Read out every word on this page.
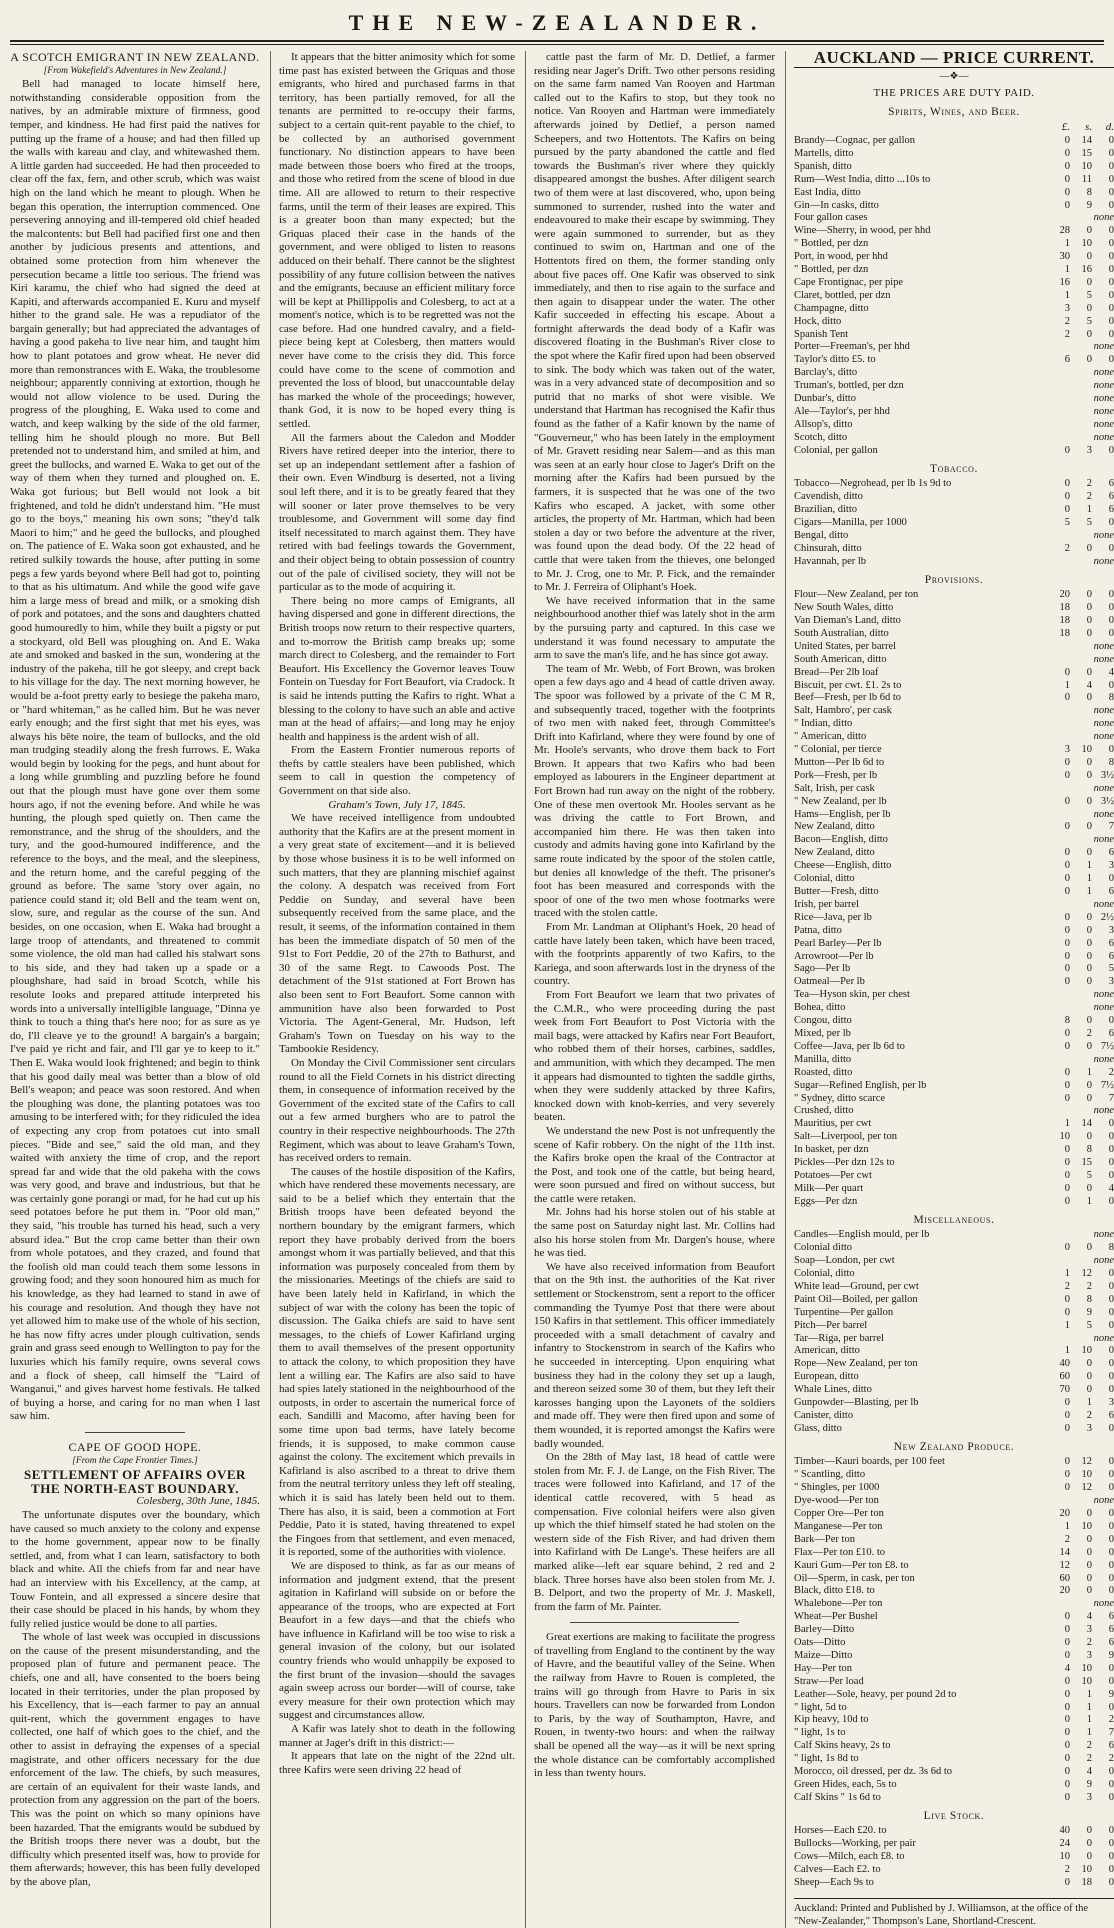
THE NEW-ZEALANDER.

A SCOTCH EMIGRANT IN NEW ZEALAND.

[From Wakefield's Adventures in New Zealand.]

Bell had managed to locate himself here, notwithstanding considerable opposition from the natives, by an admirable mixture of firmness, good temper, and kindness. He had first paid the natives for putting up the frame of a house; and had then filled up the walls with kareau and clay, and whitewashed them. A little garden had succeeded. He had then proceeded to clear off the fax, fern, and other scrub, which was waist high on the land which he meant to plough. When he began this operation, the interruption commenced. One persevering annoying and ill-tempered old chief headed the malcontents: but Bell had pacified first one and then another by judicious presents and attentions, and obtained some protection from him whenever the persecution became a little too serious. The friend was Kiri karamu, the chief who had signed the deed at Kapiti, and afterwards accompanied E. Kuru and myself hither to the grand sale. He was a repudiator of the bargain generally; but had appreciated the advantages of having a good pakeha to live near him, and taught him how to plant potatoes and grow wheat. He never did more than remonstrances with E. Waka, the troublesome neighbour; apparently conniving at extortion, though he would not allow violence to be used. During the progress of the ploughing, E. Waka used to come and watch, and keep walking by the side of the old farmer, telling him he should plough no more. But Bell pretended not to understand him, and smiled at him, and greet the bullocks, and warned E. Waka to get out of the way of them when they turned and ploughed on. E. Waka got furious; but Bell would not look a bit frightened, and told he didn't understand him. "He must go to the boys," meaning his own sons; "they'd talk Maori to him;" and he geed the bullocks, and ploughed on. The patience of E. Waka soon got exhausted, and he retired sulkily towards the house, after putting in some pegs a few yards beyond where Bell had got to, pointing to that as his ultimatum. And while the good wife gave him a large mess of bread and milk, or a smoking dish of pork and potatoes, and the sons and daughters chatted good humouredly to him, while they built a pigsty or put a stockyard, old Bell was ploughing on. And E. Waka ate and smoked and basked in the sun, wondering at the industry of the pakeha, till he got sleepy, and crept back to his village for the day. The next morning however, he would be a-foot pretty early to besiege the pakeha maro, or "hard whiteman," as he called him. But he was never early enough; and the first sight that met his eyes, was always his bête noire, the team of bullocks, and the old man trudging steadily along the fresh furrows. E. Waka would begin by looking for the pegs, and hunt about for a long while grumbling and puzzling before he found out that the plough must have gone over them some hours ago, if not the evening before. And while he was hunting, the plough sped quietly on. Then came the remonstrance, and the shrug of the shoulders, and the tury, and the good-humoured indifference, and the reference to the boys, and the meal, and the sleepiness, and the return home, and the careful pegging of the ground as before. The same 'story over again, no patience could stand it; old Bell and the team went on, slow, sure, and regular as the course of the sun. And besides, on one occasion, when E. Waka had brought a large troop of attendants, and threatened to commit some violence, the old man had called his stalwart sons to his side, and they had taken up a spade or a ploughshare, had said in broad Scotch, while his resolute looks and prepared attitude interpreted his words into a universally intelligible language, "Dinna ye think to touch a thing that's here noo; for as sure as ye do, I'll cleave ye to the ground! A bargain's a bargain; I've paid ye richt and fair, and I'll gar ye to keep to it." Then E. Waka would look frightened; and begin to think that his good daily meal was better than a blow of old Bell's weapon; and peace was soon restored. And when the ploughing was done, the planting potatoes was too amusing to be interfered with; for they ridiculed the idea of expecting any crop from potatoes cut into small pieces. "Bide and see," said the old man, and they waited with anxiety the time of crop, and the report spread far and wide that the old pakeha with the cows was very good, and brave and industrious, but that he was certainly gone porangi or mad, for he had cut up his seed potatoes before he put them in. "Poor old man," they said, "his trouble has turned his head, such a very absurd idea." But the crop came better than their own from whole potatoes, and they crazed, and found that the foolish old man could teach them some lessons in growing food; and they soon honoured him as much for his knowledge, as they had learned to stand in awe of his courage and resolution. And though they have not yet allowed him to make use of the whole of his section, he has now fifty acres under plough cultivation, sends grain and grass seed enough to Wellington to pay for the luxuries which his family require, owns several cows and a flock of sheep, call himself the "Laird of Wanganui," and gives harvest home festivals. He talked of buying a horse, and caring for no man when I last saw him.

CAPE OF GOOD HOPE.

[From the Cape Frontier Times.]

SETTLEMENT OF AFFAIRS OVER THE NORTH-EAST BOUNDARY.

Colesberg, 30th June, 1845.

The unfortunate disputes over the boundary, which have caused so much anxiety to the colony and expense to the home government, appear now to be finally settled, and, from what I can learn, satisfactory to both black and white. All the chiefs from far and near have had an interview with his Excellency, at the camp, at Touw Fontein, and all expressed a sincere desire that their case should be placed in his hands, by whom they fully relied justice would be done to all parties.

The whole of last week was occupied in discussions on the cause of the present misunderstanding, and the proposed plan of future and permanent peace. The chiefs, one and all, have consented to the boers being located in their territories, under the plan proposed by his Excellency, that is—each farmer to pay an annual quit-rent, which the government engages to have collected, one half of which goes to the chief, and the other to assist in defraying the expenses of a special magistrate, and other officers necessary for the due enforcement of the law. The chiefs, by such measures, are certain of an equivalent for their waste lands, and protection from any aggression on the part of the boers. This was the point on which so many opinions have been hazarded. That the emigrants would be subdued by the British troops there never was a doubt, but the difficulty which presented itself was, how to provide for them afterwards; however, this has been fully developed by the above plan,

It appears that the bitter animosity which for some time past has existed between the Griquas and those emigrants, who hired and purchased farms in that territory, has been partially removed, for all the tenants are permitted to re-occupy their farms, subject to a certain quit-rent payable to the chief, to be collected by an authorised government functionary. No distinction appears to have been made between those boers who fired at the troops, and those who retired from the scene of blood in due time. All are allowed to return to their respective farms, until the term of their leases are expired. This is a greater boon than many expected; but the Griquas placed their case in the hands of the government, and were obliged to listen to reasons adduced on their behalf. There cannot be the slightest possibility of any future collision between the natives and the emigrants, because an efficient military force will be kept at Phillippolis and Colesberg, to act at a moment's notice, which is to be regretted was not the case before. Had one hundred cavalry, and a field-piece being kept at Colesberg, then matters would never have come to the crisis they did. This force could have come to the scene of commotion and prevented the loss of blood, but unaccountable delay has marked the whole of the proceedings; however, thank God, it is now to be hoped every thing is settled.

All the farmers about the Caledon and Modder Rivers have retired deeper into the interior, there to set up an independant settlement after a fashion of their own. Even Windburg is deserted, not a living soul left there, and it is to be greatly feared that they will sooner or later prove themselves to be very troublesome, and Government will some day find itself necessitated to march against them. They have retired with bad feelings towards the Government, and their object being to obtain possession of country out of the pale of civilised society, they will not be particular as to the mode of acquiring it.

There being no more camps of Emigrants, all having dispersed and gone in different directions, the British troops now return to their respective quarters, and to-morrow the British camp breaks up; some march direct to Colesberg, and the remainder to Fort Beaufort. His Excellency the Governor leaves Touw Fontein on Tuesday for Fort Beaufort, via Cradock. It is said he intends putting the Kafirs to right. What a blessing to the colony to have such an able and active man at the head of affairs;—and long may he enjoy health and happiness is the ardent wish of all.

From the Eastern Frontier numerous reports of thefts by cattle stealers have been published, which seem to call in question the competency of Government on that side also.

Graham's Town, July 17, 1845.

We have received intelligence from undoubted authority that the Kafirs are at the present moment in a very great state of excitement—and it is believed by those whose business it is to be well informed on such matters, that they are planning mischief against the colony. A despatch was received from Fort Peddie on Sunday, and several have been subsequently received from the same place, and the result, it seems, of the information contained in them has been the immediate dispatch of 50 men of the 91st to Fort Peddie, 20 of the 27th to Bathurst, and 30 of the same Regt. to Cawoods Post. The detachment of the 91st stationed at Fort Brown has also been sent to Fort Beaufort. Some cannon with ammunition have also been forwarded to Post Victoria. The Agent-General, Mr. Hudson, left Graham's Town on Tuesday on his way to the Tambookie Residency.

On Monday the Civil Commissioner sent circulars round to all the Field Cornets in his district directing them, in consequence of information received by the Government of the excited state of the Cafirs to call out a few armed burghers who are to patrol the country in their respective neighbourhoods. The 27th Regiment, which was about to leave Graham's Town, has received orders to remain.

The causes of the hostile disposition of the Kafirs, which have rendered these movements necessary, are said to be a belief which they entertain that the British troops have been defeated beyond the northern boundary by the emigrant farmers, which report they have probably derived from the boers amongst whom it was partially believed, and that this information was purposely concealed from them by the missionaries. Meetings of the chiefs are said to have been lately held in Kafirland, in which the subject of war with the colony has been the topic of discussion. The Gaika chiefs are said to have sent messages, to the chiefs of Lower Kafirland urging them to avail themselves of the present opportunity to attack the colony, to which proposition they have lent a willing ear. The Kafirs are also said to have had spies lately stationed in the neighbourhood of the outposts, in order to ascertain the numerical force of each. Sandilli and Macomo, after having been for some time upon bad terms, have lately become friends, it is supposed, to make common cause against the colony. The excitement which prevails in Kafirland is also ascribed to a threat to drive them from the neutral territory unless they left off stealing, which it is said has lately been held out to them. There has also, it is said, been a commotion at Fort Peddie, Pato it is stated, having threatened to expel the Fingoes from that settlement, and even menaced, it is reported, some of the authorities with violence.

We are disposed to think, as far as our means of information and judgment extend, that the present agitation in Kafirland will subside on or before the appearance of the troops, who are expected at Fort Beaufort in a few days—and that the chiefs who have influence in Kafirland will be too wise to risk a general invasion of the colony, but our isolated country friends who would unhappily be exposed to the first brunt of the invasion—should the savages again sweep across our border—will of course, take every measure for their own protection which may suggest and circumstances allow.

A Kafir was lately shot to death in the following manner at Jager's drift in this district:—

It appears that late on the night of the 22nd ult. three Kafirs were seen driving 22 head of

cattle past the farm of Mr. D. Detlief, a farmer residing near Jager's Drift. Two other persons residing on the same farm named Van Rooyen and Hartman called out to the Kafirs to stop, but they took no notice. Van Rooyen and Hartman were immediately afterwards joined by Detlief, a person named Scheepers, and two Hottentots. The Kafirs on being pursued by the party abandoned the cattle and fled towards the Bushman's river where they quickly disappeared amongst the bushes. After diligent search two of them were at last discovered, who, upon being summoned to surrender, rushed into the water and endeavoured to make their escape by swimming. They were again summoned to surrender, but as they continued to swim on, Hartman and one of the Hottentots fired on them, the former standing only about five paces off. One Kafir was observed to sink immediately, and then to rise again to the surface and then again to disappear under the water. The other Kafir succeeded in effecting his escape. About a fortnight afterwards the dead body of a Kafir was discovered floating in the Bushman's River close to the spot where the Kafir fired upon had been observed to sink. The body which was taken out of the water, was in a very advanced state of decomposition and so putrid that no marks of shot were visible. We understand that Hartman has recognised the Kafir thus found as the father of a Kafir known by the name of "Gouverneur," who has been lately in the employment of Mr. Gravett residing near Salem—and as this man was seen at an early hour close to Jager's Drift on the morning after the Kafirs had been pursued by the farmers, it is suspected that he was one of the two Kafirs who escaped. A jacket, with some other articles, the property of Mr. Hartman, which had been stolen a day or two before the adventure at the river, was found upon the dead body. Of the 22 head of cattle that were taken from the thieves, one belonged to Mr. J. Crog, one to Mr. P. Fick, and the remainder to Mr. J. Ferreira of Oliphant's Hoek.

We have received information that in the same neighbourhood another thief was lately shot in the arm by the pursuing party and captured. In this case we understand it was found necessary to amputate the arm to save the man's life, and he has since got away.

The team of Mr. Webb, of Fort Brown, was broken open a few days ago and 4 head of cattle driven away. The spoor was followed by a private of the C M R, and subsequently traced, together with the footprints of two men with naked feet, through Committee's Drift into Kafirland, where they were found by one of Mr. Hoole's servants, who drove them back to Fort Brown. It appears that two Kafirs who had been employed as labourers in the Engineer department at Fort Brown had run away on the night of the robbery. One of these men overtook Mr. Hooles servant as he was driving the cattle to Fort Brown, and accompanied him there. He was then taken into custody and admits having gone into Kafirland by the same route indicated by the spoor of the stolen cattle, but denies all knowledge of the theft. The prisoner's foot has been measured and corresponds with the spoor of one of the two men whose footmarks were traced with the stolen cattle.

From Mr. Landman at Oliphant's Hoek, 20 head of cattle have lately been taken, which have been traced, with the footprints apparently of two Kafirs, to the Kariega, and soon afterwards lost in the dryness of the country.

From Fort Beaufort we learn that two privates of the C.M.R., who were proceeding during the past week from Fort Beaufort to Post Victoria with the mail bags, were attacked by Kafirs near Fort Beaufort, who robbed them of their horses, carbines, saddles, and ammunition, with which they decamped. The men it appears had dismounted to tighten the saddle girths, when they were suddenly attacked by three Kafirs, knocked down with knob-kerries, and very severely beaten.

We understand the new Post is not unfrequently the scene of Kafir robbery. On the night of the 11th inst. the Kafirs broke open the kraal of the Contractor at the Post, and took one of the cattle, but being heard, were soon pursued and fired on without success, but the cattle were retaken.

Mr. Johns had his horse stolen out of his stable at the same post on Saturday night last. Mr. Collins had also his horse stolen from Mr. Dargen's house, where he was tied.

We have also received information from Beaufort that on the 9th inst. the authorities of the Kat river settlement or Stockenstrom, sent a report to the officer commanding the Tyumye Post that there were about 150 Kafirs in that settlement. This officer immediately proceeded with a small detachment of cavalry and infantry to Stockenstrom in search of the Kafirs who he succeeded in intercepting. Upon enquiring what business they had in the colony they set up a laugh, and thereon seized some 30 of them, but they left their karosses hanging upon the Layonets of the soldiers and made off. They were then fired upon and some of them wounded, it is reported amongst the Kafirs were badly wounded.

On the 28th of May last, 18 head of cattle were stolen from Mr. F. J. de Lange, on the Fish River. The traces were followed into Kafirland, and 17 of the identical cattle recovered, with 5 head as compensation. Five colonial heifers were also given up which the thief himself stated he had stolen on the western side of the Fish River, and had driven them into Kafirland with De Lange's. These heifers are all marked alike—left ear square behind, 2 red and 2 black. Three horses have also been stolen from Mr. J. B. Delport, and two the property of Mr. J. Maskell, from the farm of Mr. Painter.

Great exertions are making to facilitate the progress of travelling from England to the continent by the way of Havre, and the beautiful valley of the Seine. When the railway from Havre to Rouen is completed, the trains will go through from Havre to Paris in six hours. Travellers can now be forwarded from London to Paris, by the way of Southampton, Havre, and Rouen, in twenty-two hours: and when the railway shall be opened all the way—as it will be next spring the whole distance can be comfortably accomplished in less than twenty hours.

AUCKLAND — PRICE CURRENT.
—❖—
THE PRICES ARE DUTY PAID.
Spirits, Wines, and Beer.
£.	s.	d.
Brandy—Cognac, per gallon	0	14	0
Martells, ditto	0	15	0
Spanish, ditto	0	10	0
Rum—West India, ditto ...10s to	0	11	0
East India, ditto	0	8	0
Gin—In casks, ditto	0	9	0
Four gallon cases	none		
Wine—Sherry, in wood, per hhd	28	0	0
" Bottled, per dzn	1	10	0
Port, in wood, per hhd	30	0	0
" Bottled, per dzn	1	16	0
Cape Frontignac, per pipe	16	0	0
Claret, bottled, per dzn	1	5	0
Champagne, ditto	3	0	0
Hock, ditto	2	5	0
Spanish Tent	2	0	0
Porter—Freeman's, per hhd	none		
Taylor's ditto £5. to	6	0	0
Barclay's, ditto	none		
Truman's, bottled, per dzn	none		
Dunbar's, ditto	none		
Ale—Taylor's, per hhd	none		
Allsop's, ditto	none		
Scotch, ditto	none		
Colonial, per gallon	0	3	0
Tobacco.
Tobacco—Negrohead, per lb 1s 9d to	0	2	6
Cavendish, ditto	0	2	6
Brazilian, ditto	0	1	6
Cigars—Manilla, per 1000	5	5	0
Bengal, ditto	none		
Chinsurah, ditto	2	0	0
Havannah, per lb	none		
Provisions.
Flour—New Zealand, per ton	20	0	0
New South Wales, ditto	18	0	0
Van Dieman's Land, ditto	18	0	0
South Australian, ditto	18	0	0
United States, per barrel	none		
South American, ditto	none		
Bread—Per 2lb loaf	0	0	4
Biscuit, per cwt. £1. 2s to	1	4	0
Beef—Fresh, per lb 6d to	0	0	8
Salt, Hambro', per cask	none		
" Indian, ditto	none		
" American, ditto	none		
" Colonial, per tierce	3	10	0
Mutton—Per lb 6d to	0	0	8
Pork—Fresh, per lb	0	0	3½
Salt, Irish, per cask	none		
" New Zealand, per lb	0	0	3½
Hams—English, per lb	none		
New Zealand, ditto	0	0	7
Bacon—English, ditto	none		
New Zealand, ditto	0	0	6
Cheese—English, ditto	0	1	3
Colonial, ditto	0	1	0
Butter—Fresh, ditto	0	1	6
Irish, per barrel	none		
Rice—Java, per lb	0	0	2½
Patna, ditto	0	0	3
Pearl Barley—Per lb	0	0	6
Arrowroot—Per lb	0	0	6
Sago—Per lb	0	0	5
Oatmeal—Per lb	0	0	3
Tea—Hyson skin, per chest	none		
Bohea, ditto	none		
Congou, ditto	8	0	0
Mixed, per lb	0	2	6
Coffee—Java, per lb 6d to	0	0	7½
Manilla, ditto	none		
Roasted, ditto	0	1	2
Sugar—Refined English, per lb	0	0	7½
" Sydney, ditto scarce	0	0	7
Crushed, ditto	none		
Mauritius, per cwt	1	14	0
Salt—Liverpool, per ton	10	0	0
In basket, per dzn	0	8	0
Pickles—Per dzn 12s to	0	15	0
Potatoes—Per cwt	0	5	0
Milk—Per quart	0	0	4
Eggs—Per dzn	0	1	0
Miscellaneous.
Candles—English mould, per lb	none		
Colonial ditto	0	0	8
Soap—London, per cwt	none		
Colonial, ditto	1	12	0
White lead—Ground, per cwt	2	2	0
Paint Oil—Boiled, per gallon	0	8	0
Turpentine—Per gallon	0	9	0
Pitch—Per barrel	1	5	0
Tar—Riga, per barrel	none		
American, ditto	1	10	0
Rope—New Zealand, per ton	40	0	0
European, ditto	60	0	0
Whale Lines, ditto	70	0	0
Gunpowder—Blasting, per lb	0	1	3
Canister, ditto	0	2	6
Glass, ditto	0	3	0
New Zealand Produce.
Timber—Kauri boards, per 100 feet	0	12	0
" Scantling, ditto	0	10	0
" Shingles, per 1000	0	12	0
Dye-wood—Per ton	none		
Copper Ore—Per ton	20	0	0
Manganese—Per ton	1	10	0
Bark—Per ton	2	0	0
Flax—Per ton £10. to	14	0	0
Kauri Gum—Per ton £8. to	12	0	0
Oil—Sperm, in cask, per ton	60	0	0
Black, ditto £18. to	20	0	0
Whalebone—Per ton	none		
Wheat—Per Bushel	0	4	6
Barley—Ditto	0	3	6
Oats—Ditto	0	2	6
Maize—Ditto	0	3	9
Hay—Per ton	4	10	0
Straw—Per load	0	10	0
Leather—Sole, heavy, per pound 2d to	0	1	9
" light, 5d to	0	1	0
Kip heavy, 10d to	0	1	2
" light, 1s to	0	1	7
Calf Skins heavy, 2s to	0	2	6
" light, 1s 8d to	0	2	2
Morocco, oil dressed, per dz. 3s 6d to	0	4	0
Green Hides, each, 5s to	0	9	0
Calf Skins " 1s 6d to	0	3	0
Live Stock.
Horses—Each £20. to	40	0	0
Bullocks—Working, per pair	24	0	0
Cows—Milch, each £8. to	10	0	0
Calves—Each £2. to	2	10	0
Sheep—Each 9s to	0	18	0
Auckland: Printed and Published by J. Williamson, at the office of the "New-Zealander," Thompson's Lane, Shortland-Crescent.
